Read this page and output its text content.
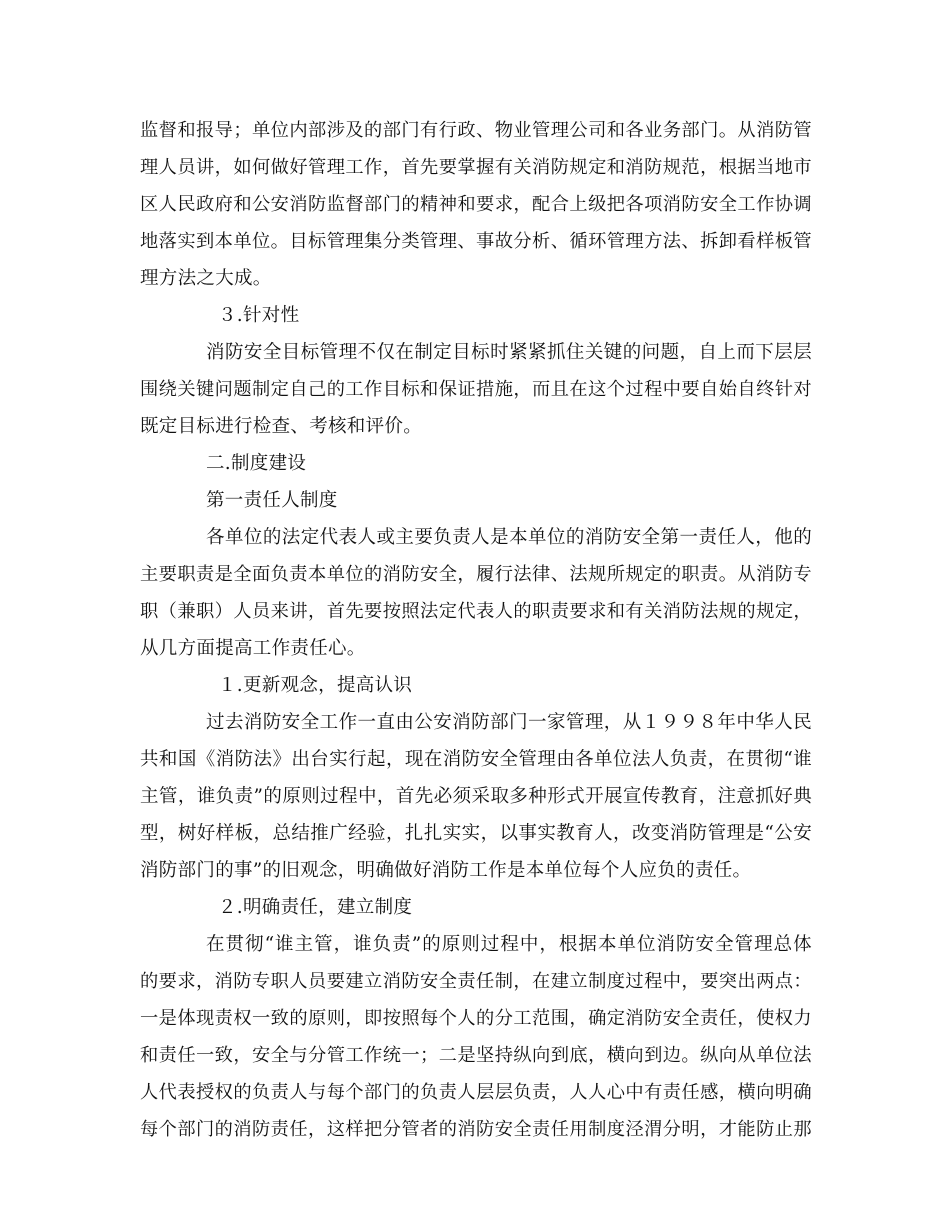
监督和报导；单位内部涉及的部门有行政、物业管理公司和各业务部门。从消防管
理人员讲，如何做好管理工作，首先要掌握有关消防规定和消防规范，根据当地市
区人民政府和公安消防监督部门的精神和要求，配合上级把各项消防安全工作协调
地落实到本单位。目标管理集分类管理、事故分析、循环管理方法、拆卸看样板管
理方法之大成。
３.针对性
消防安全目标管理不仅在制定目标时紧紧抓住关键的问题，自上而下层层
围绕关键问题制定自己的工作目标和保证措施，而且在这个过程中要自始自终针对
既定目标进行检查、考核和评价。
二.制度建设
第一责任人制度
各单位的法定代表人或主要负责人是本单位的消防安全第一责任人，他的
主要职责是全面负责本单位的消防安全，履行法律、法规所规定的职责。从消防专
职（兼职）人员来讲，首先要按照法定代表人的职责要求和有关消防法规的规定，
从几方面提高工作责任心。
１.更新观念，提高认识
过去消防安全工作一直由公安消防部门一家管理，从１９９８年中华人民
共和国《消防法》出台实行起，现在消防安全管理由各单位法人负责，在贯彻“谁
主管，谁负责”的原则过程中，首先必须采取多种形式开展宣传教育，注意抓好典
型，树好样板，总结推广经验，扎扎实实，以事实教育人，改变消防管理是“公安
消防部门的事”的旧观念，明确做好消防工作是本单位每个人应负的责任。
２.明确责任，建立制度
在贯彻“谁主管，谁负责”的原则过程中，根据本单位消防安全管理总体
的要求，消防专职人员要建立消防安全责任制，在建立制度过程中，要突出两点：
一是体现责权一致的原则，即按照每个人的分工范围，确定消防安全责任，使权力
和责任一致，安全与分管工作统一；二是坚持纵向到底，横向到边。纵向从单位法
人代表授权的负责人与每个部门的负责人层层负责，人人心中有责任感，横向明确
每个部门的消防责任，这样把分管者的消防安全责任用制度泾渭分明，才能防止那
